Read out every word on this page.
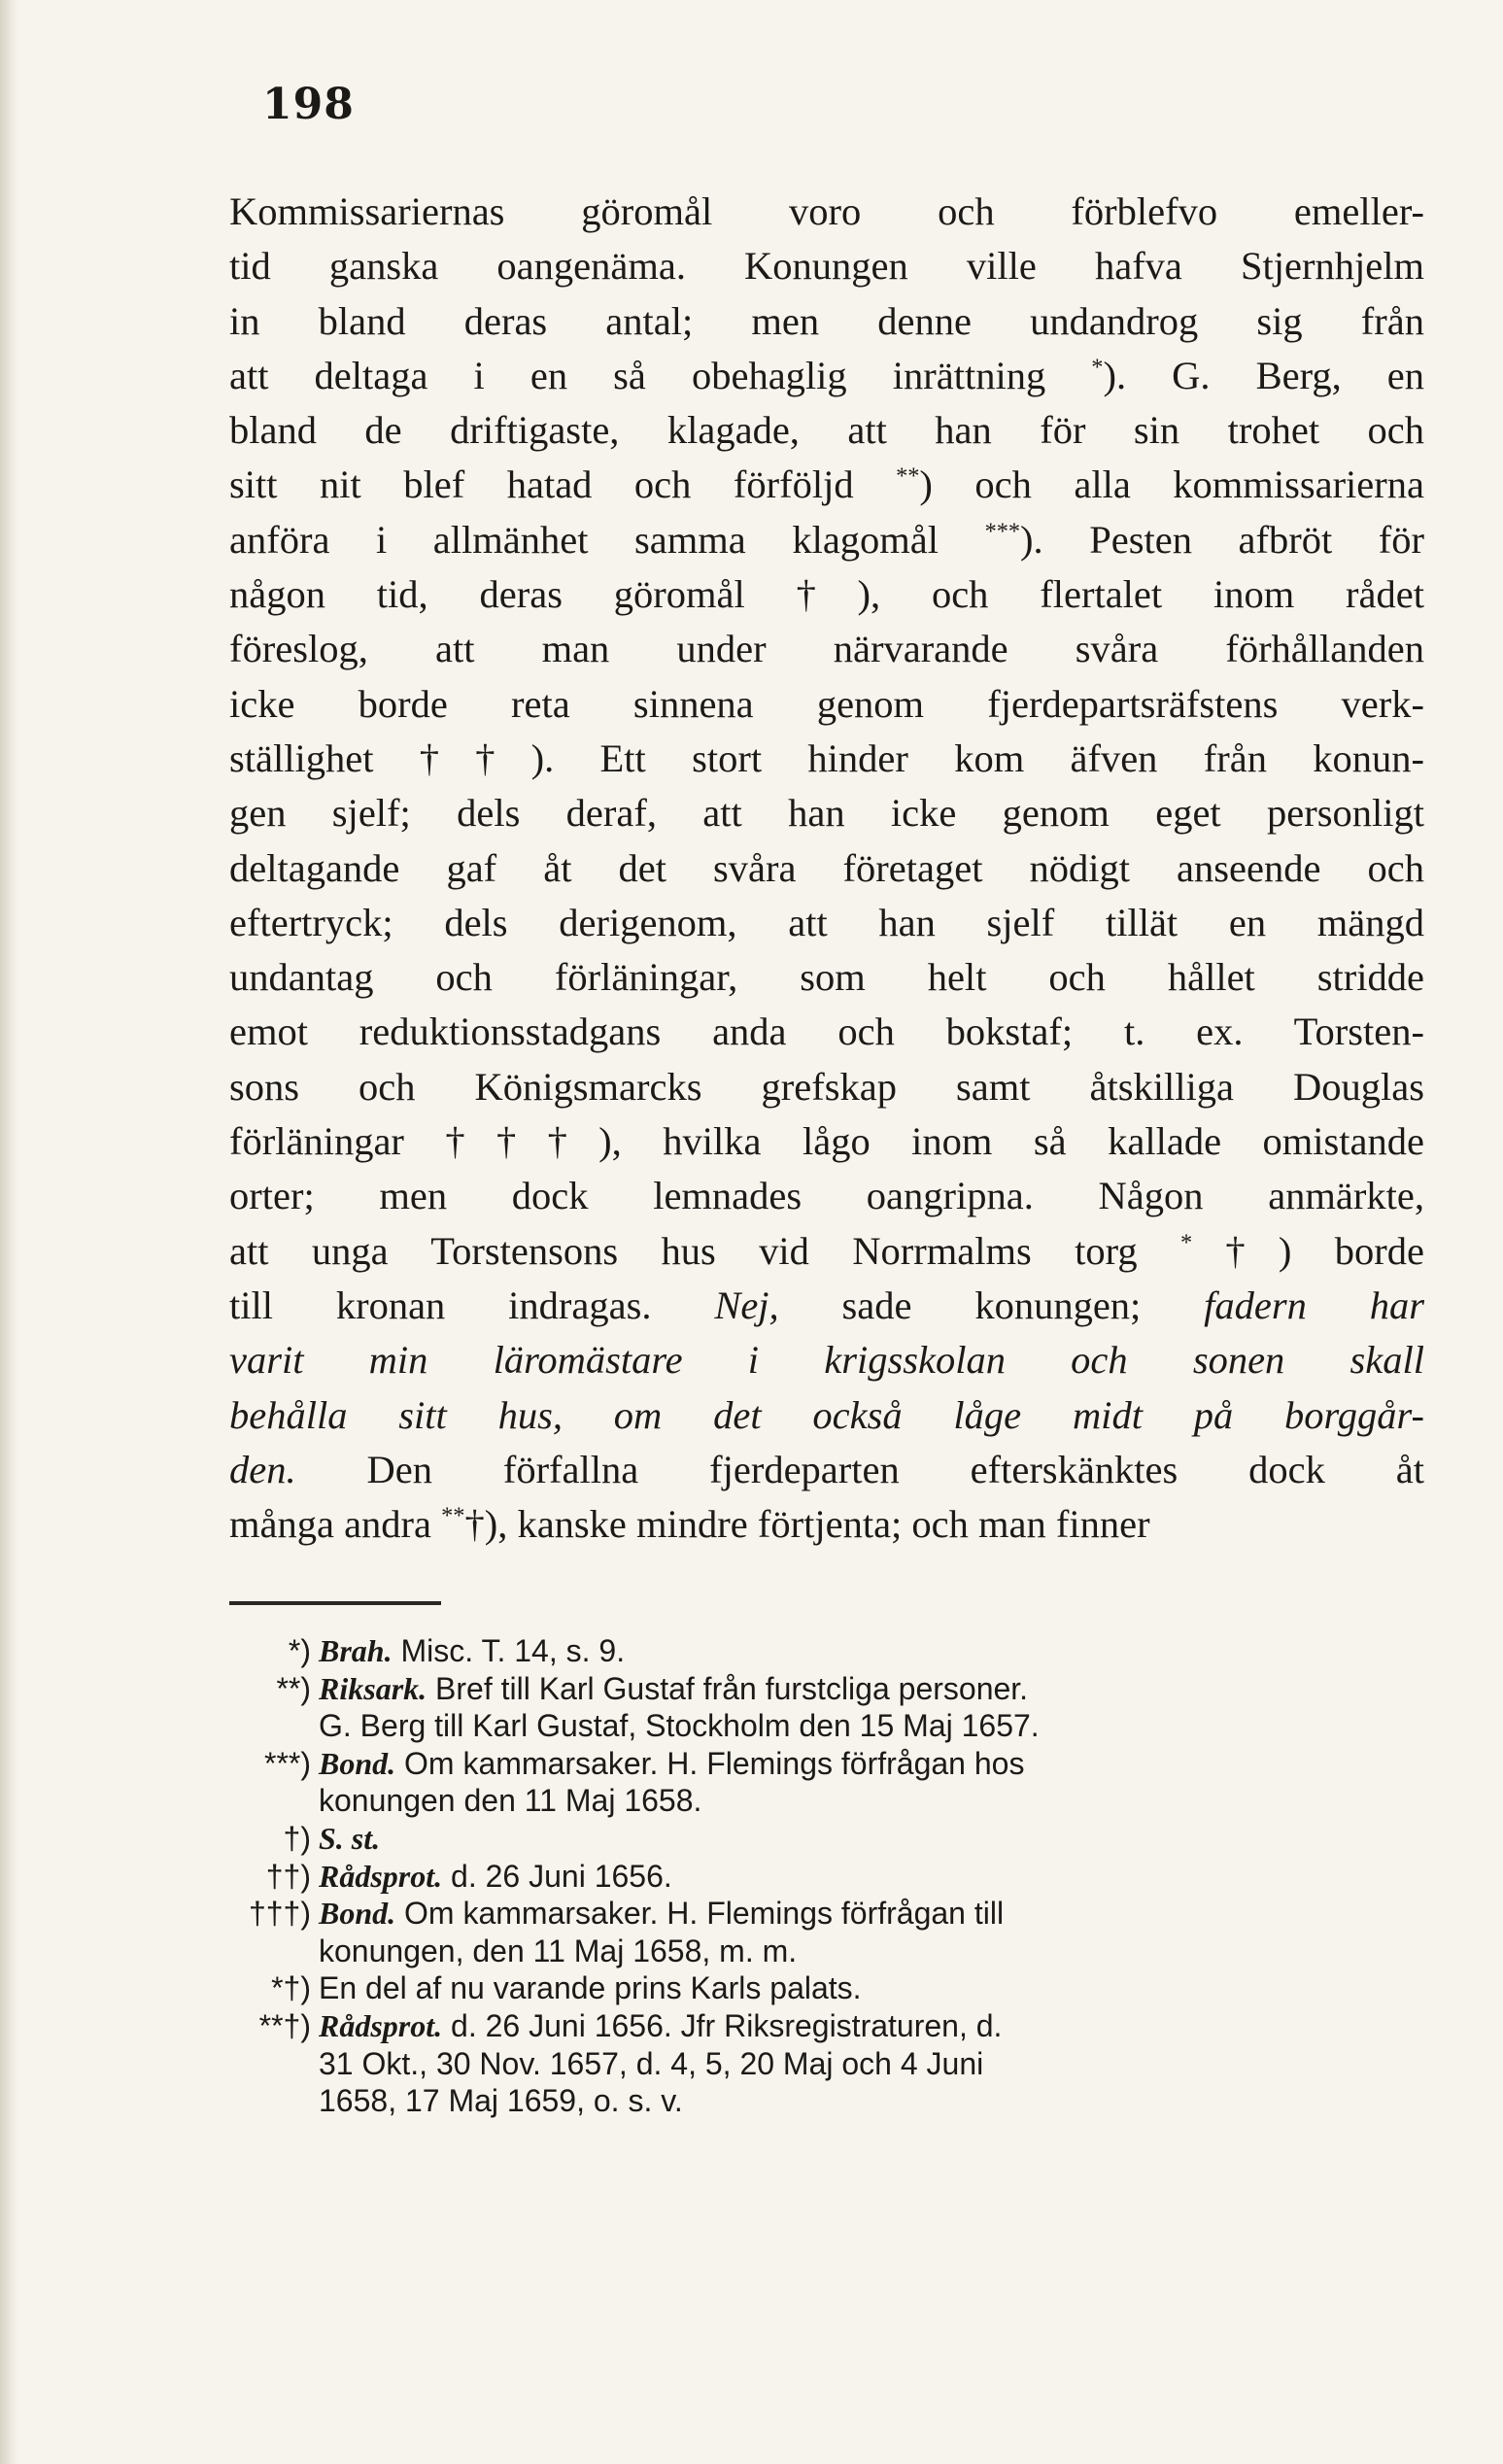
198
Kommissariernas göromål voro och förblefvo emeller-
tid ganska oangenäma. Konungen ville hafva Stjernhjelm
in bland deras antal; men denne undandrog sig från
att deltaga i en så obehaglig inrättning *). G. Berg, en
bland de driftigaste, klagade, att han för sin trohet och
sitt nit blef hatad och förföljd **) och alla kommissarierna
anföra i allmänhet samma klagomål ***). Pesten afbröt för
någon tid, deras göromål †), och flertalet inom rådet
föreslog, att man under närvarande svåra förhållanden
icke borde reta sinnena genom fjerdepartsräfstens verk-
ställighet ††). Ett stort hinder kom äfven från konun-
gen sjelf; dels deraf, att han icke genom eget personligt
deltagande gaf åt det svåra företaget nödigt anseende och
eftertryck; dels derigenom, att han sjelf tillät en mängd
undantag och förläningar, som helt och hållet stridde
emot reduktionsstadgans anda och bokstaf; t. ex. Torsten-
sons och Königsmarcks grefskap samt åtskilliga Douglas
förläningar †††), hvilka lågo inom så kallade omistande
orter; men dock lemnades oangripna. Någon anmärkte,
att unga Torstensons hus vid Norrmalms torg *†) borde
till kronan indragas. Nej, sade konungen; fadern har
varit min läromästare i krigsskolan och sonen skall
behålla sitt hus, om det också låge midt på borggår-
den. Den förfallna fjerdeparten efterskänktes dock åt
många andra **†), kanske mindre förtjenta; och man finner
*) Brah. Misc. T. 14, s. 9.
**) Riksark. Bref till Karl Gustaf från furstcliga personer.
G. Berg till Karl Gustaf, Stockholm den 15 Maj 1657.
***) Bond. Om kammarsaker. H. Flemings förfrågan hos
konungen den 11 Maj 1658.
†) S. st.
††) Rådsprot. d. 26 Juni 1656.
†††) Bond. Om kammarsaker. H. Flemings förfrågan till
konungen, den 11 Maj 1658, m. m.
*†) En del af nu varande prins Karls palats.
**†) Rådsprot. d. 26 Juni 1656. Jfr Riksregistraturen, d.
31 Okt., 30 Nov. 1657, d. 4, 5, 20 Maj och 4 Juni
1658, 17 Maj 1659, o. s. v.
